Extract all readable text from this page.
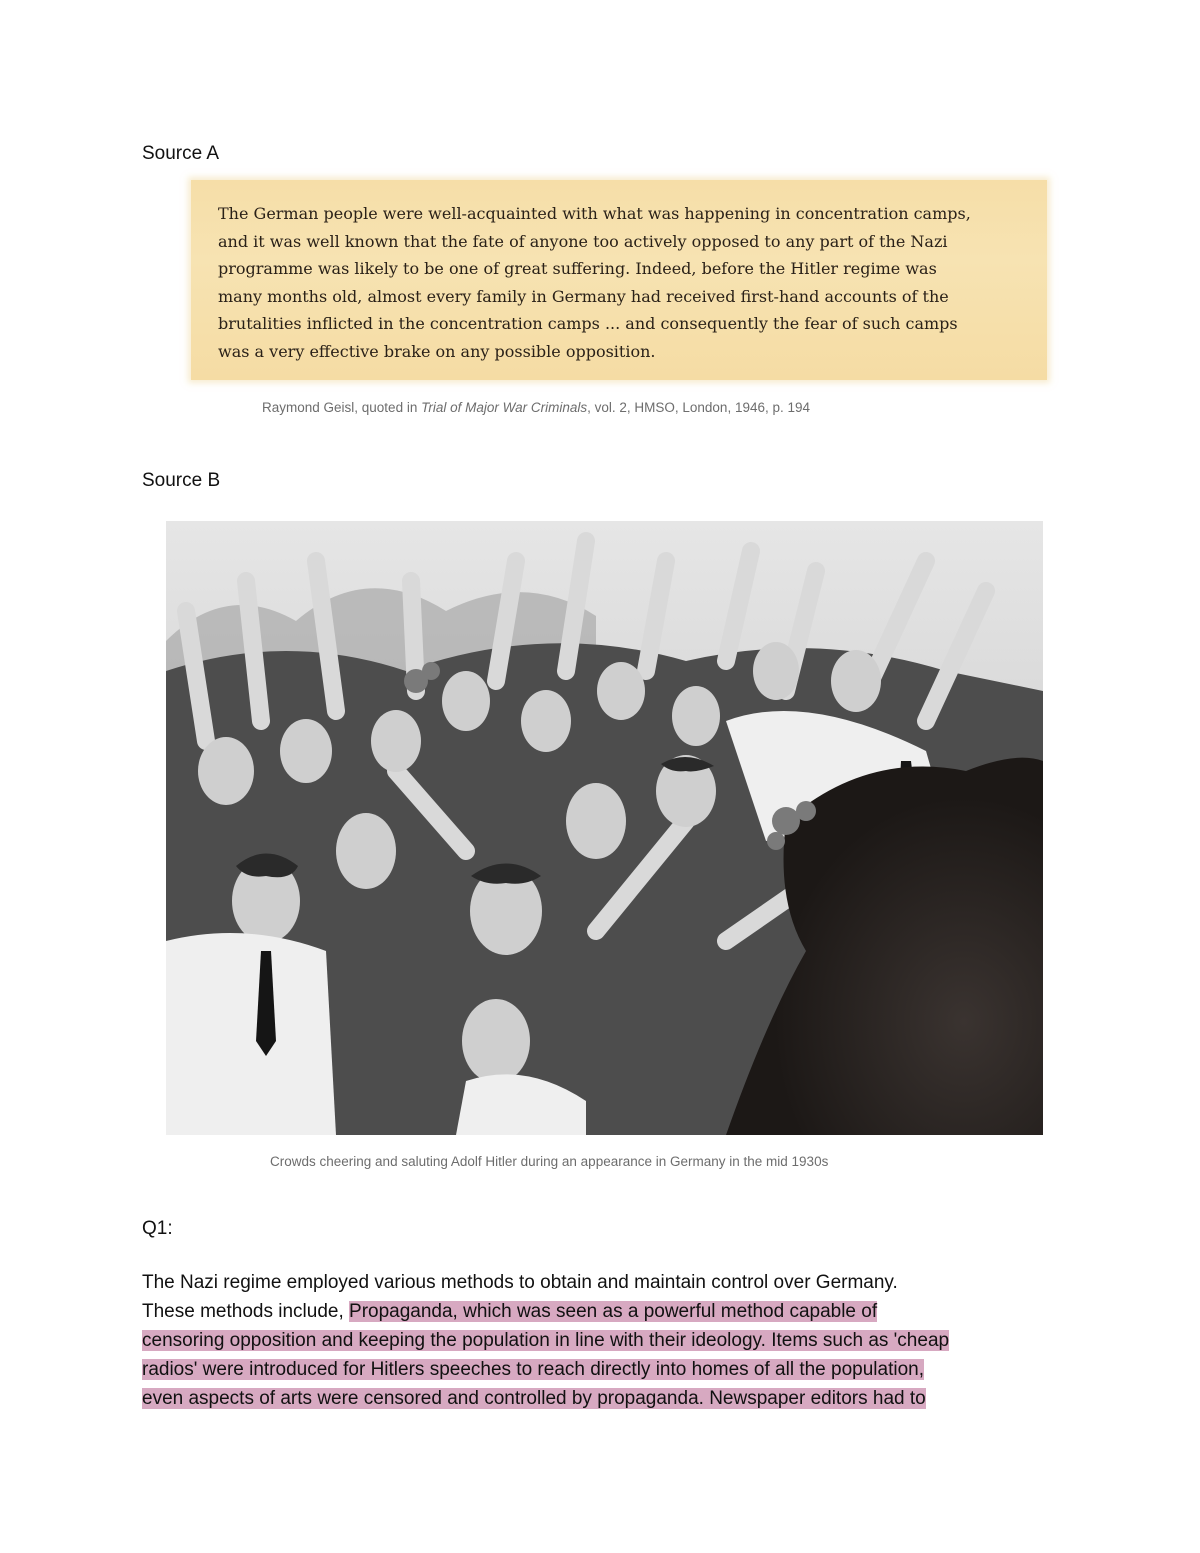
Source A

The German people were well-acquainted with what was happening in concentration camps,
and it was well known that the fate of anyone too actively opposed to any part of the Nazi
programme was likely to be one of great suffering. Indeed, before the Hitler regime was
many months old, almost every family in Germany had received first-hand accounts of the
brutalities inflicted in the concentration camps ... and consequently the fear of such camps
was a very effective brake on any possible opposition.

Raymond Geisl, quoted in Trial of Major War Criminals, vol. 2, HMSO, London, 1946, p. 194
Source B
Crowds cheering and saluting Adolf Hitler during an appearance in Germany in the mid 1930s
Q1:
The Nazi regime employed various methods to obtain and maintain control over Germany.
These methods include, Propaganda, which was seen as a powerful method capable of
censoring opposition and keeping the population in line with their ideology. Items such as 'cheap
radios' were introduced for Hitlers speeches to reach directly into homes of all the population,
even aspects of arts were censored and controlled by propaganda. Newspaper editors had to
